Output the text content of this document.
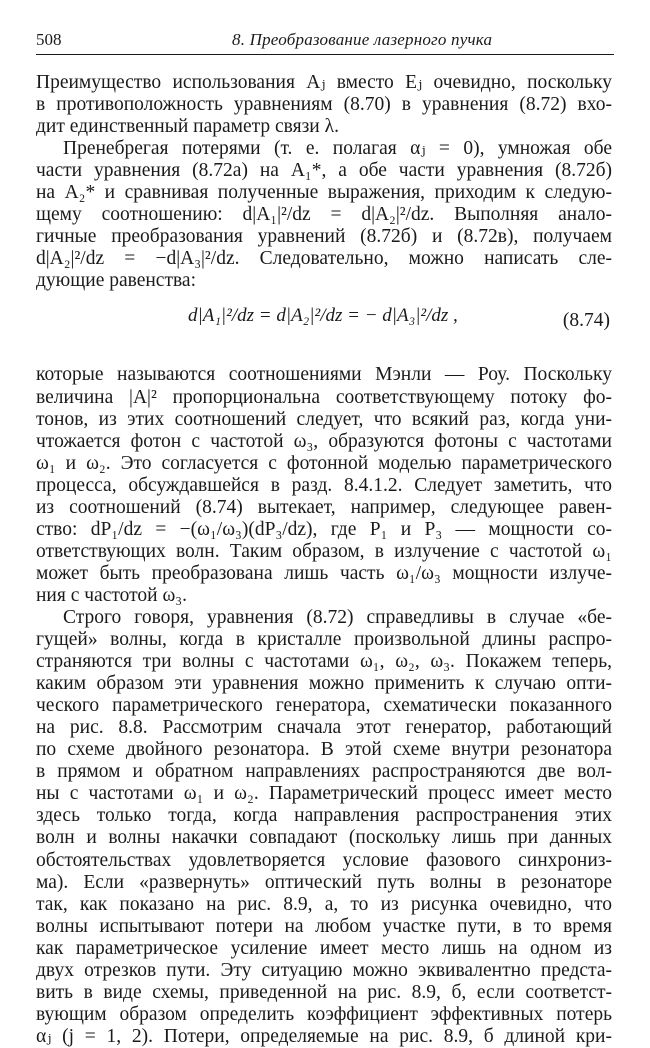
508	8. Преобразование лазерного пучка
Преимущество использования Aⱼ вместо Eⱼ очевидно, поскольку
в противоположность уравнениям (8.70) в уравнения (8.72) вхо-
дит единственный параметр связи λ.
Пренебрегая потерями (т. е. полагая αⱼ = 0), умножая обе
части уравнения (8.72а) на A₁*, а обе части уравнения (8.72б)
на A₂* и сравнивая полученные выражения, приходим к следую-
щему соотношению: d|A₁|²/dz = d|A₂|²/dz. Выполняя анало-
гичные преобразования уравнений (8.72б) и (8.72в), получаем
d|A₂|²/dz = −d|A₃|²/dz. Следовательно, можно написать сле-
дующие равенства:
d|A₁|²/dz = d|A₂|²/dz = − d|A₃|²/dz ,	(8.74)
которые называются соотношениями Мэнли — Роу. Поскольку
величина |A|² пропорциональна соответствующему потоку фо-
тонов, из этих соотношений следует, что всякий раз, когда уни-
чтожается фотон с частотой ω₃, образуются фотоны с частотами
ω₁ и ω₂. Это согласуется с фотонной моделью параметрического
процесса, обсуждавшейся в разд. 8.4.1.2. Следует заметить, что
из соотношений (8.74) вытекает, например, следующее равен-
ство: dP₁/dz = −(ω₁/ω₃)(dP₃/dz), где P₁ и P₃ — мощности со-
ответствующих волн. Таким образом, в излучение с частотой ω₁
может быть преобразована лишь часть ω₁/ω₃ мощности излуче-
ния с частотой ω₃.
Строго говоря, уравнения (8.72) справедливы в случае «бе-
гущей» волны, когда в кристалле произвольной длины распро-
страняются три волны с частотами ω₁, ω₂, ω₃. Покажем теперь,
каким образом эти уравнения можно применить к случаю опти-
ческого параметрического генератора, схематически показанного
на рис. 8.8. Рассмотрим сначала этот генератор, работающий
по схеме двойного резонатора. В этой схеме внутри резонатора
в прямом и обратном направлениях распространяются две вол-
ны с частотами ω₁ и ω₂. Параметрический процесс имеет место
здесь только тогда, когда направления распространения этих
волн и волны накачки совпадают (поскольку лишь при данных
обстоятельствах удовлетворяется условие фазового синхрониз-
ма). Если «развернуть» оптический путь волны в резонаторе
так, как показано на рис. 8.9, а, то из рисунка очевидно, что
волны испытывают потери на любом участке пути, в то время
как параметрическое усиление имеет место лишь на одном из
двух отрезков пути. Эту ситуацию можно эквивалентно предста-
вить в виде схемы, приведенной на рис. 8.9, б, если соответст-
вующим образом определить коэффициент эффективных потерь
αⱼ (j = 1, 2). Потери, определяемые на рис. 8.9, б длиной кри-
